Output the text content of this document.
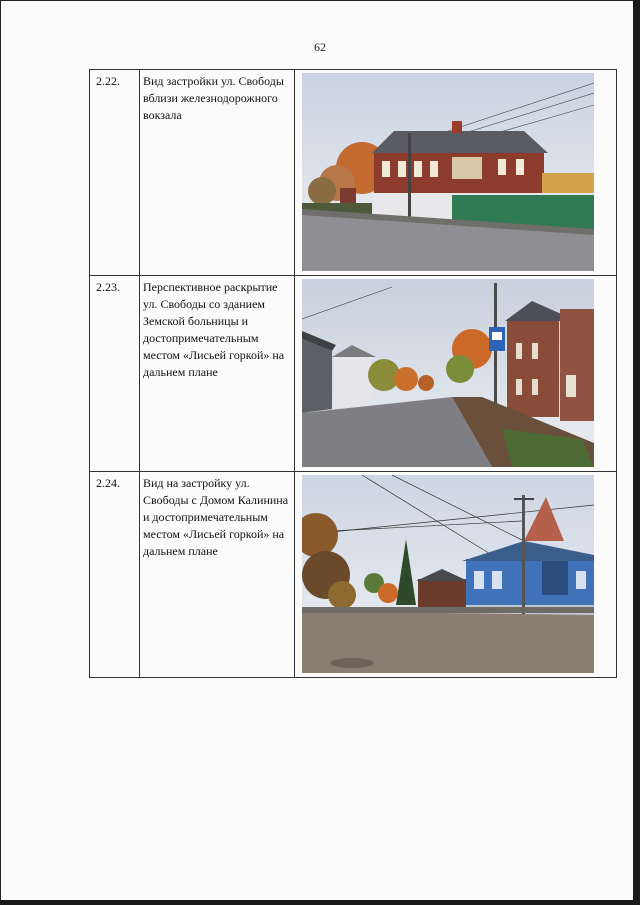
62
2.22.	Вид застройки ул. Свободы вблизи железнодорожного вокзала	

2.23.	Перспективное раскрытие ул. Свободы со зданием Земской больницы и достопримечательным местом «Лисьей горкой» на дальнем плане	

2.24.	Вид на застройку ул. Свободы с Домом Калинина и достопримечательным местом «Лисьей горкой» на дальнем плане	
